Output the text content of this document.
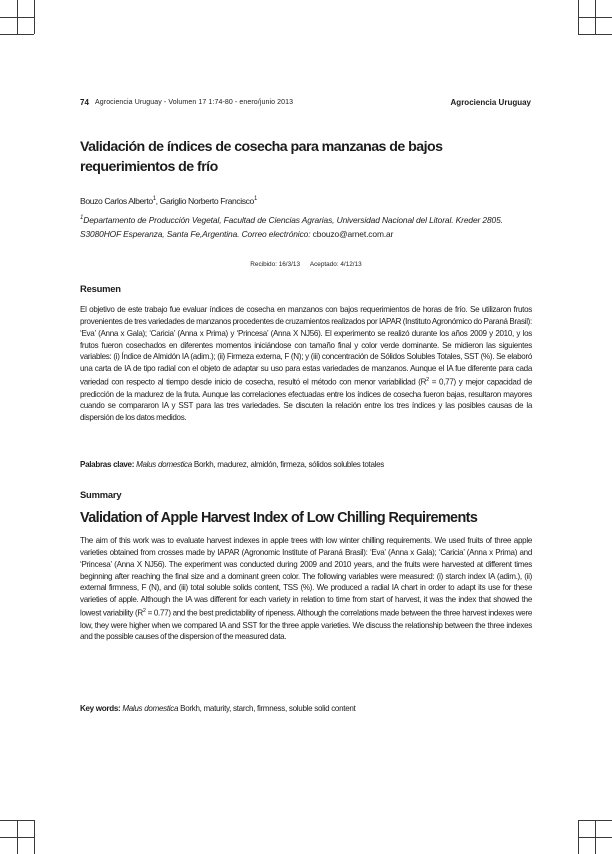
74 Agrociencia Uruguay - Volumen 17 1:74-80 - enero/junio 2013	Agrociencia Uruguay
Validación de índices de cosecha para manzanas de bajos requerimientos de frío
Bouzo Carlos Alberto$^1$, Gariglio Norberto Francisco$^1$
$^1$Departamento de Producción Vegetal, Facultad de Ciencias Agrarias, Universidad Nacional del Litoral. Kreder 2805. S3080HOF Esperanza, Santa Fe,Argentina. Correo electrónico: cbouzo@arnet.com.ar
Recibido: 16/3/13 Aceptado: 4/12/13
Resumen

El objetivo de este trabajo fue evaluar índices de cosecha en manzanos con bajos requerimientos de horas de frío. Se utilizaron frutos provenientes de tres variedades de manzanos procedentes de cruzamientos realizados por IAPAR (Instituto Agronómico do Paraná Brasil): ‘Eva’ (Anna x Gala); ‘Caricia’ (Anna x Prima) y ‘Princesa’ (Anna X NJ56). El experimento se realizó durante los años 2009 y 2010, y los frutos fueron cosechados en diferentes momentos iniciándose con tamaño final y color verde dominante. Se midieron las siguientes variables: (i) Índice de Almidón IA (adim.); (ii) Firmeza externa, F (N); y (iii) concentración de Sólidos Solubles Totales, SST (%). Se elaboró una carta de IA de tipo radial con el objeto de adaptar su uso para estas variedades de manzanos. Aunque el IA fue diferente para cada variedad con respecto al tiempo desde inicio de cosecha, resultó el método con menor variabilidad $(R^2 = 0,77)$ y mejor capacidad de predicción de la madurez de la fruta. Aunque las correlaciones efectuadas entre los índices de cosecha fueron bajas, resultaron mayores cuando se compararon IA y SST para las tres variedades. Se discuten la relación entre los tres índices y las posibles causas de la dispersión de los datos medidos.

Palabras clave: Malus domestica Borkh, madurez, almidón, firmeza, sólidos solubles totales
Summary
Validation of Apple Harvest Index of Low Chilling Requirements

The aim of this work was to evaluate harvest indexes in apple trees with low winter chilling requirements. We used fruits of three apple varieties obtained from crosses made by IAPAR (Agronomic Institute of Paraná Brasil): ‘Eva’ (Anna x Gala); ‘Caricia’ (Anna x Prima) and ‘Princesa’ (Anna X NJ56). The experiment was conducted during 2009 and 2010 years, and the fruits were harvested at different times beginning after reaching the final size and a dominant green color. The following variables were measured: (i) starch index IA (adim.), (ii) external firmness, F (N), and (iii) total soluble solids content, TSS (%). We produced a radial IA chart in order to adapt its use for these varieties of apple. Although the IA was different for each variety in relation to time from start of harvest, it was the index that showed the lowest variability $(R^2 = 0.77)$ and the best predictability of ripeness. Although the correlations made between the three harvest indexes were low, they were higher when we compared IA and SST for the three apple varieties. We discuss the relationship between the three indexes and the possible causes of the dispersion of the measured data.

Key words: Malus domestica Borkh, maturity, starch, firmness, soluble solid content
